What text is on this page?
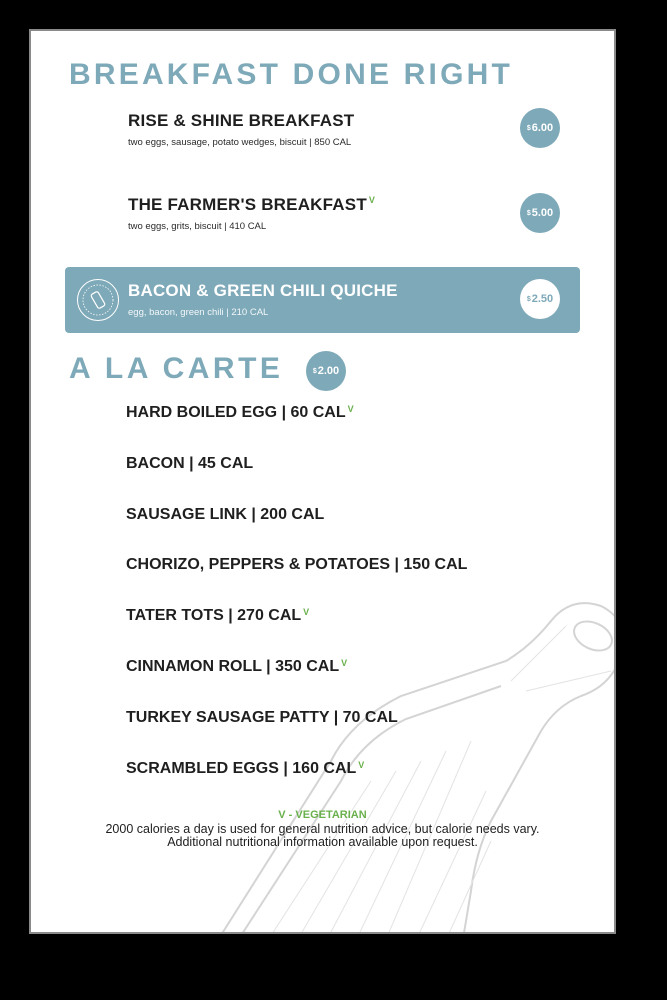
BREAKFAST DONE RIGHT
RISE & SHINE BREAKFAST
two eggs, sausage, potato wedges, biscuit | 850 CAL
$ 6.00
THE FARMER'S BREAKFAST $^V$
two eggs, grits, biscuit | 410 CAL
$ 5.00
BACON & GREEN CHILI QUICHE
egg, bacon, green chili | 210 CAL
$ 2.50
A LA CARTE	$ 2.00
HARD BOILED EGG | 60 CAL $^V$
BACON | 45 CAL
SAUSAGE LINK | 200 CAL
CHORIZO, PEPPERS & POTATOES | 150 CAL
TATER TOTS | 270 CAL $^V$
CINNAMON ROLL | 350 CAL $^V$
TURKEY SAUSAGE PATTY | 70 CAL
SCRAMBLED EGGS | 160 CAL $^V$
V - VEGETARIAN
2000 calories a day is used for general nutrition advice, but calorie needs vary.
Additional nutritional information available upon request.
